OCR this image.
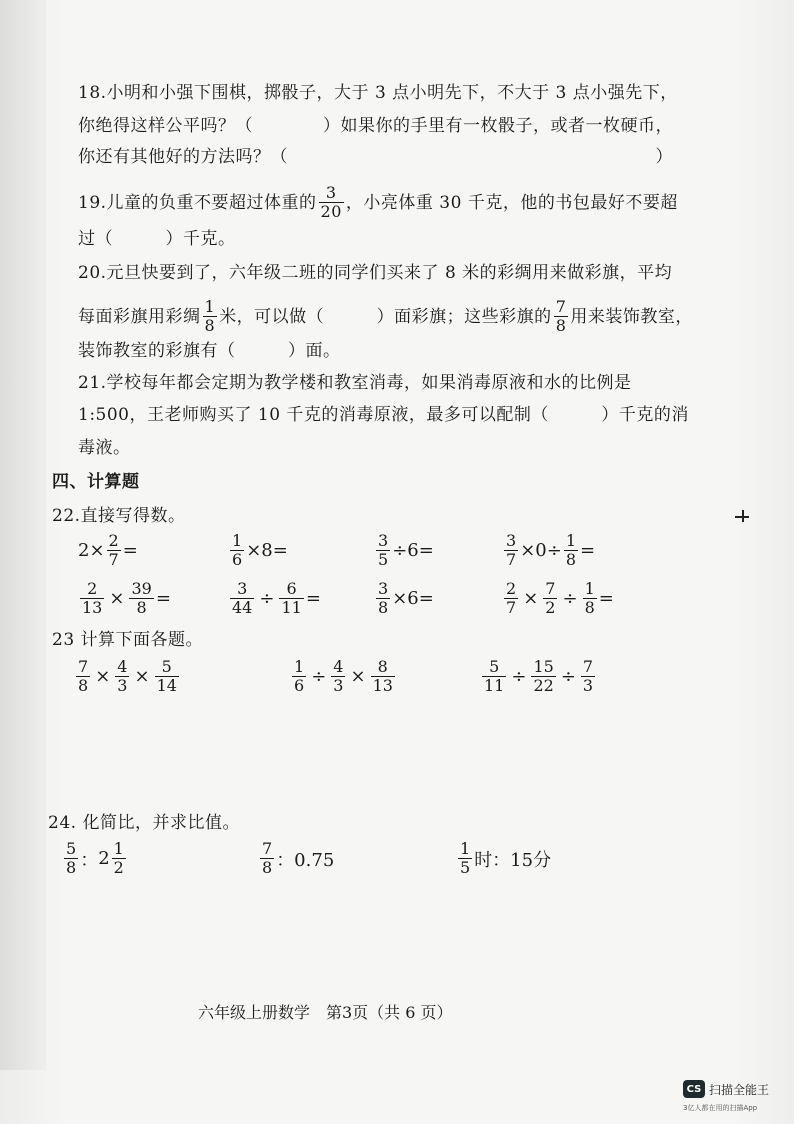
18.小明和小强下围棋，掷骰子，大于 3 点小明先下，不大于 3 点小强先下，
你绝得这样公平吗？（　　　　）如果你的手里有一枚骰子，或者一枚硬币，
你还有其他好的方法吗？（　　　　　　　　　　　　　　　　　　　　　）
19.儿童的负重不要超过体重的 $\frac{3}{20}$ ，小亮体重 30 千克，他的书包最好不要超
过（　　　）千克。
20.元旦快要到了，六年级二班的同学们买来了 8 米的彩绸用来做彩旗，平均
每面彩旗用彩绸 $\frac{1}{8}$ 米，可以做（　　　）面彩旗；这些彩旗的 $\frac{7}{8}$ 用来装饰教室，
装饰教室的彩旗有（　　　）面。
21.学校每年都会定期为教学楼和教室消毒，如果消毒原液和水的比例是
1:500，王老师购买了 10 千克的消毒原液，最多可以配制（　　　）千克的消
毒液。
四、计算题
22.直接写得数。
$2\times \frac{2}{7}$ =	$\frac{1}{6} \times 8=$	$\frac{3}{5} \div 6=$	$\frac{3}{7} \times 0\div \frac{1}{8}$ =
$\frac{2}{13} \times \frac{39}{8}$ =	$\frac{3}{44} \div \frac{6}{11}$ =	$\frac{3}{8} \times 6=$	$\frac{2}{7} \times \frac{7}{2} \div \frac{1}{8}$ =
23 计算下面各题。
$\frac{7}{8} \times \frac{4}{3} \times \frac{5}{14}$	$\frac{1}{6} \div \frac{4}{3} \times \frac{8}{13}$	$\frac{5}{11} \div \frac{15}{22} \div \frac{7}{3}$
24. 化简比，并求比值。
$\frac{5}{8}$ ： $2 \frac{1}{2}$	$\frac{7}{8}$ ：0.75	$\frac{1}{5}$ 时：15分
六年级上册数学　第3页（共 6 页）
CS 扫描全能王
3亿人都在用的扫描App
